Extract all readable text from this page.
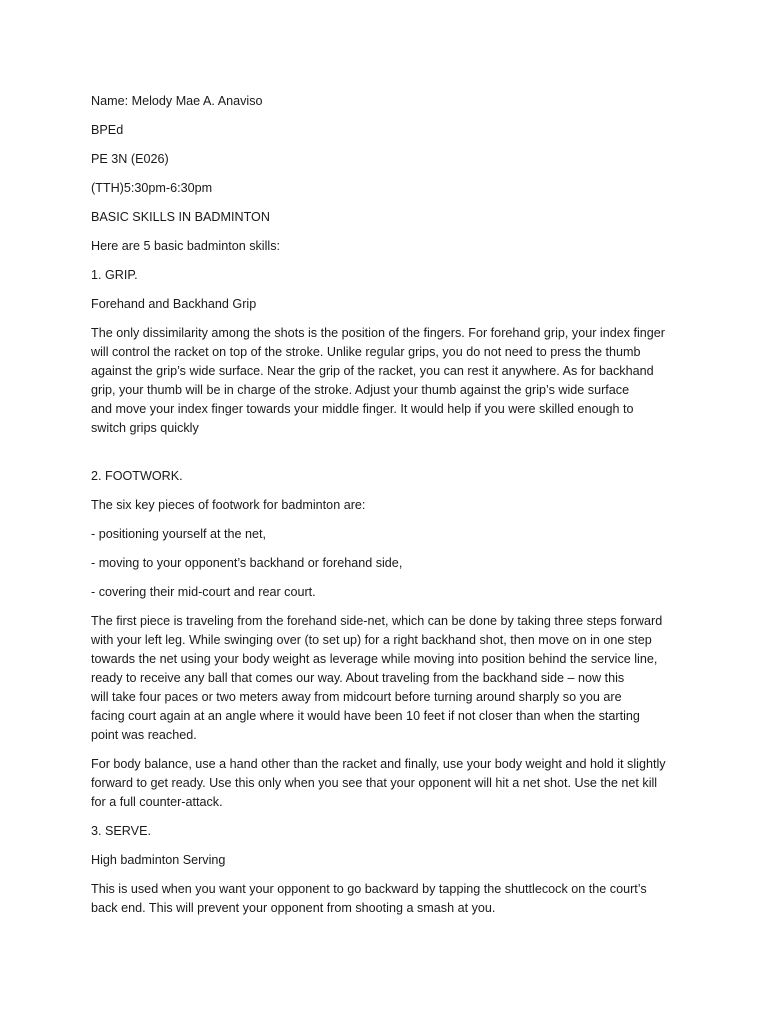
Name: Melody Mae A. Anaviso

BPEd

PE 3N (E026)

(TTH)5:30pm-6:30pm

BASIC SKILLS IN BADMINTON

Here are 5 basic badminton skills:

1. GRIP.

Forehand and Backhand Grip

The only dissimilarity among the shots is the position of the fingers. For forehand grip, your index finger
will control the racket on top of the stroke. Unlike regular grips, you do not need to press the thumb
against the grip’s wide surface. Near the grip of the racket, you can rest it anywhere. As for backhand
grip, your thumb will be in charge of the stroke. Adjust your thumb against the grip’s wide surface
and move your index finger towards your middle finger. It would help if you were skilled enough to
switch grips quickly

2. FOOTWORK.

The six key pieces of footwork for badminton are:

- positioning yourself at the net,

- moving to your opponent’s backhand or forehand side,

- covering their mid-court and rear court.

The first piece is traveling from the forehand side-net, which can be done by taking three steps forward
with your left leg. While swinging over (to set up) for a right backhand shot, then move on in one step
towards the net using your body weight as leverage while moving into position behind the service line,
ready to receive any ball that comes our way. About traveling from the backhand side – now this
will take four paces or two meters away from midcourt before turning around sharply so you are
facing court again at an angle where it would have been 10 feet if not closer than when the starting
point was reached.
For body balance, use a hand other than the racket and finally, use your body weight and hold it slightly
forward to get ready. Use this only when you see that your opponent will hit a net shot. Use the net kill
for a full counter-attack.

3. SERVE.

High badminton Serving

This is used when you want your opponent to go backward by tapping the shuttlecock on the court’s
back end. This will prevent your opponent from shooting a smash at you.
